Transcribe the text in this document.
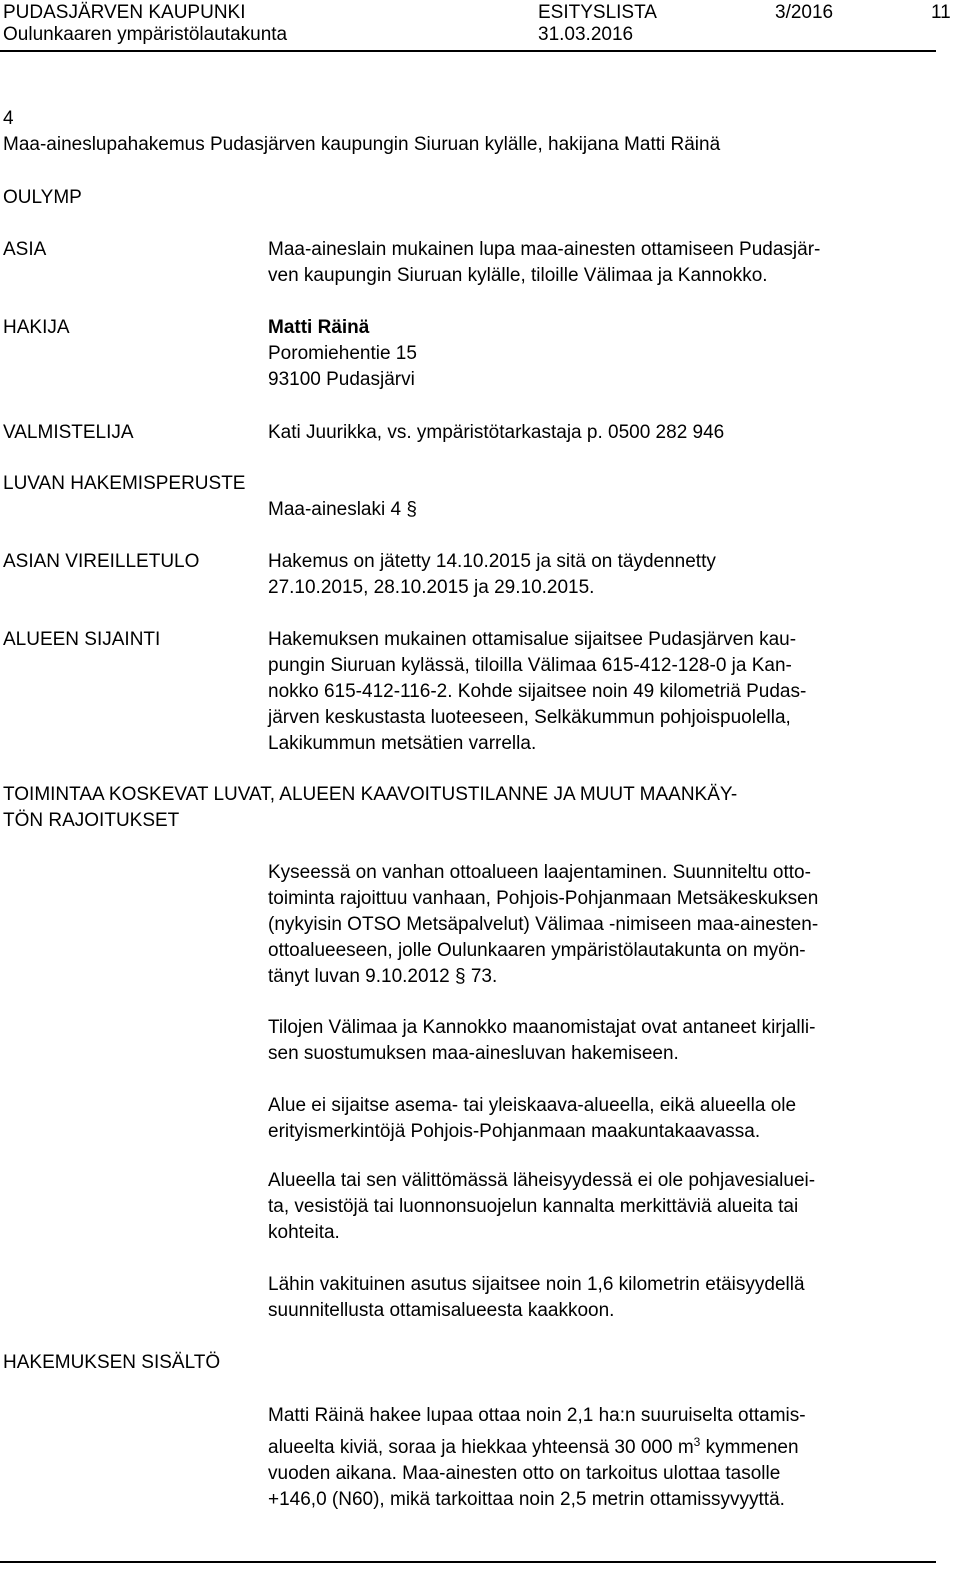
PUDASJÄRVEN KAUPUNKI	ESITYSLISTA	3/2016	11
Oulunkaaren ympäristölautakunta	31.03.2016
4
Maa-aineslupahakemus Pudasjärven kaupungin Siuruan kylälle, hakijana Matti Räinä
OULYMP
ASIA	Maa-aineslain mukainen lupa maa-ainesten ottamiseen Pudasjär-
ven kaupungin Siuruan kylälle, tiloille Välimaa ja Kannokko.
HAKIJA	Matti Räinä
Poromiehentie 15
93100 Pudasjärvi
VALMISTELIJA	Kati Juurikka, vs. ympäristötarkastaja p. 0500 282 946
LUVAN HAKEMISPERUSTE
Maa-aineslaki 4 §
ASIAN VIREILLETULO	Hakemus on jätetty 14.10.2015 ja sitä on täydennetty
27.10.2015, 28.10.2015 ja 29.10.2015.
ALUEEN SIJAINTI	Hakemuksen mukainen ottamisalue sijaitsee Pudasjärven kau-
pungin Siuruan kylässä, tiloilla Välimaa 615-412-128-0 ja Kan-
nokko 615-412-116-2. Kohde sijaitsee noin 49 kilometriä Pudas-
järven keskustasta luoteeseen, Selkäkummun pohjoispuolella,
Lakikummun metsätien varrella.
TOIMINTAA KOSKEVAT LUVAT, ALUEEN KAAVOITUSTILANNE JA MUUT MAANKÄY-
TÖN RAJOITUKSET
Kyseessä on vanhan ottoalueen laajentaminen. Suunniteltu otto-
toiminta rajoittuu vanhaan, Pohjois-Pohjanmaan Metsäkeskuksen
(nykyisin OTSO Metsäpalvelut) Välimaa -nimiseen maa-ainesten-
ottoalueeseen, jolle Oulunkaaren ympäristölautakunta on myön-
tänyt luvan 9.10.2012 § 73.
Tilojen Välimaa ja Kannokko maanomistajat ovat antaneet kirjalli-
sen suostumuksen maa-ainesluvan hakemiseen.
Alue ei sijaitse asema- tai yleiskaava-alueella, eikä alueella ole
erityismerkintöjä Pohjois-Pohjanmaan maakuntakaavassa.
Alueella tai sen välittömässä läheisyydessä ei ole pohjavesialuei-
ta, vesistöjä tai luonnonsuojelun kannalta merkittäviä alueita tai
kohteita.
Lähin vakituinen asutus sijaitsee noin 1,6 kilometrin etäisyydellä
suunnitellusta ottamisalueesta kaakkoon.
HAKEMUKSEN SISÄLTÖ
Matti Räinä hakee lupaa ottaa noin 2,1 ha:n suuruiselta ottamis-
alueelta kiviä, soraa ja hiekkaa yhteensä 30 000 $m^3$ kymmenen
vuoden aikana. Maa-ainesten otto on tarkoitus ulottaa tasolle
+146,0 (N60), mikä tarkoittaa noin 2,5 metrin ottamissyvyyttä.
